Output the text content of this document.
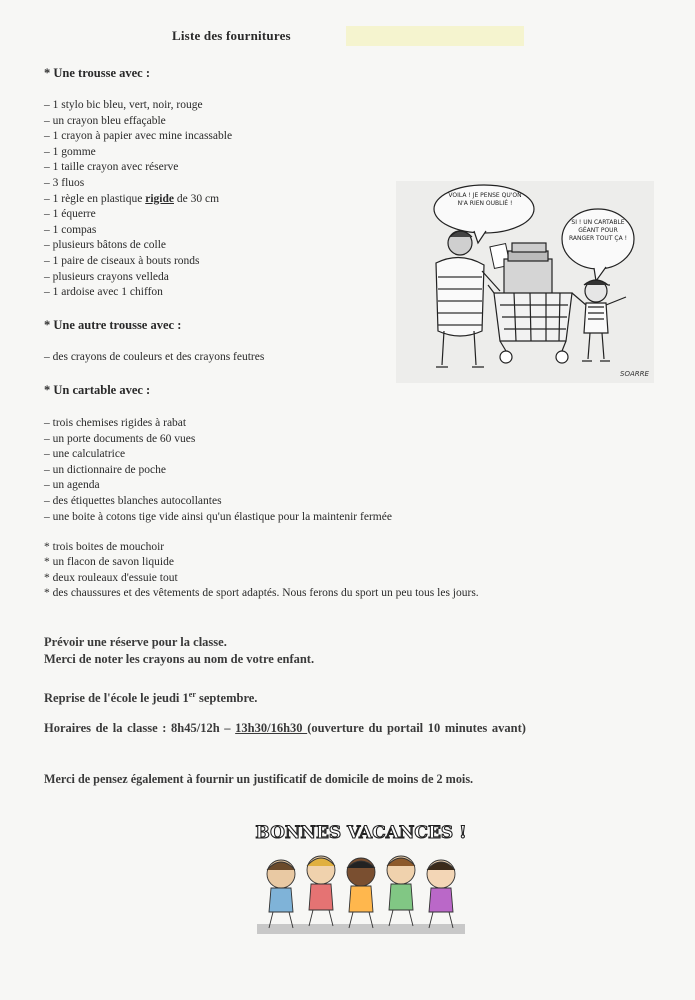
Liste des fournitures
* Une trousse avec :
– 1 stylo bic bleu, vert, noir, rouge
– un crayon bleu effaçable
– 1 crayon à papier avec mine incassable
– 1 gomme
– 1 taille crayon avec réserve
– 3 fluos
– 1 règle en plastique rigide de 30 cm
– 1 équerre
– 1 compas
– plusieurs bâtons de colle
– 1 paire de ciseaux à bouts ronds
– plusieurs crayons velleda
– 1 ardoise avec 1 chiffon
* Une autre trousse avec :
– des crayons de couleurs et des crayons feutres
* Un cartable avec :
– trois chemises rigides à rabat
– un porte documents de 60 vues
– une calculatrice
– un dictionnaire de poche
– un agenda
– des étiquettes blanches autocollantes
– une boite à cotons tige vide ainsi qu'un élastique pour la maintenir fermée
* trois boites de mouchoir
* un flacon de savon liquide
* deux rouleaux d'essuie tout
* des chaussures et des vêtements de sport adaptés. Nous ferons du sport un peu tous les jours.
Prévoir une réserve pour la classe.
Merci de noter les crayons au nom de votre enfant.
Reprise de l'école le jeudi 1er septembre.
Horaires de la classe : 8h45/12h – 13h30/16h30 (ouverture du portail 10 minutes avant)
Merci de pensez également à fournir un justificatif de domicile de moins de 2 mois.
VOILÀ ! JE PENSE QU'ON N'A RIEN OUBLIÉ !
SI ! UN CARTABLE GÉANT POUR RANGER TOUT ÇA !
SOARRE
BONNES VACANCES !
